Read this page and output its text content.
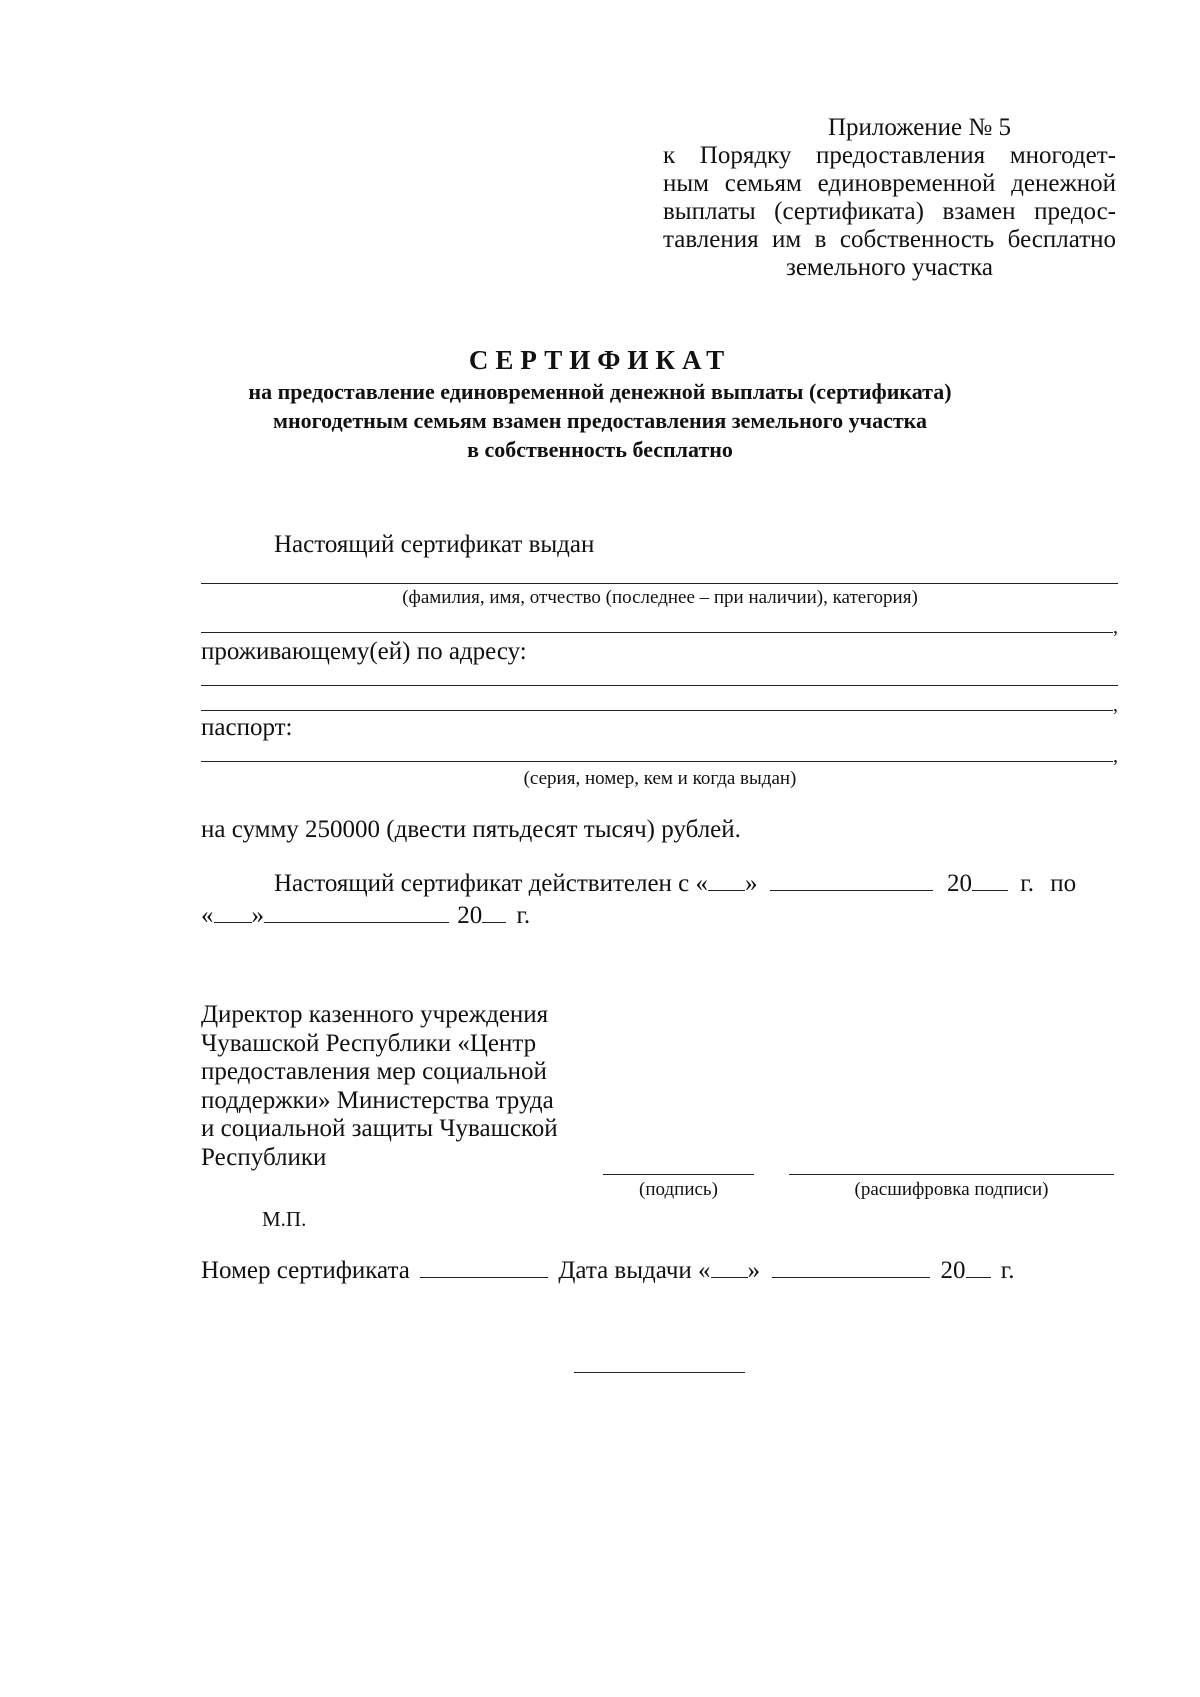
Приложение № 5
к Порядку предоставления многодет-
ным семьям единовременной денежной
выплаты (сертификата) взамен предос-
тавления им в собственность бесплатно
земельного участка
СЕРТИФИКАТ
на предоставление единовременной денежной выплаты (сертификата)
многодетным семьям взамен предоставления земельного участка
в собственность бесплатно
Настоящий сертификат выдан
(фамилия, имя, отчество (последнее – при наличии), категория)
,
проживающему(ей) по адресу:
,
паспорт:
,
(серия, номер, кем и когда выдан)
на сумму 250000 (двести пятьдесят тысяч) рублей.
Настоящий сертификат действителен с « »	20 г. по
« »	20 г.
Директор казенного учреждения
Чувашской Республики «Центр
предоставления мер социальной
поддержки» Министерства труда
и социальной защиты Чувашской
Республики
(подпись)	(расшифровка подписи)
М.П.
Номер сертификата	Дата выдачи « »	20 г.
